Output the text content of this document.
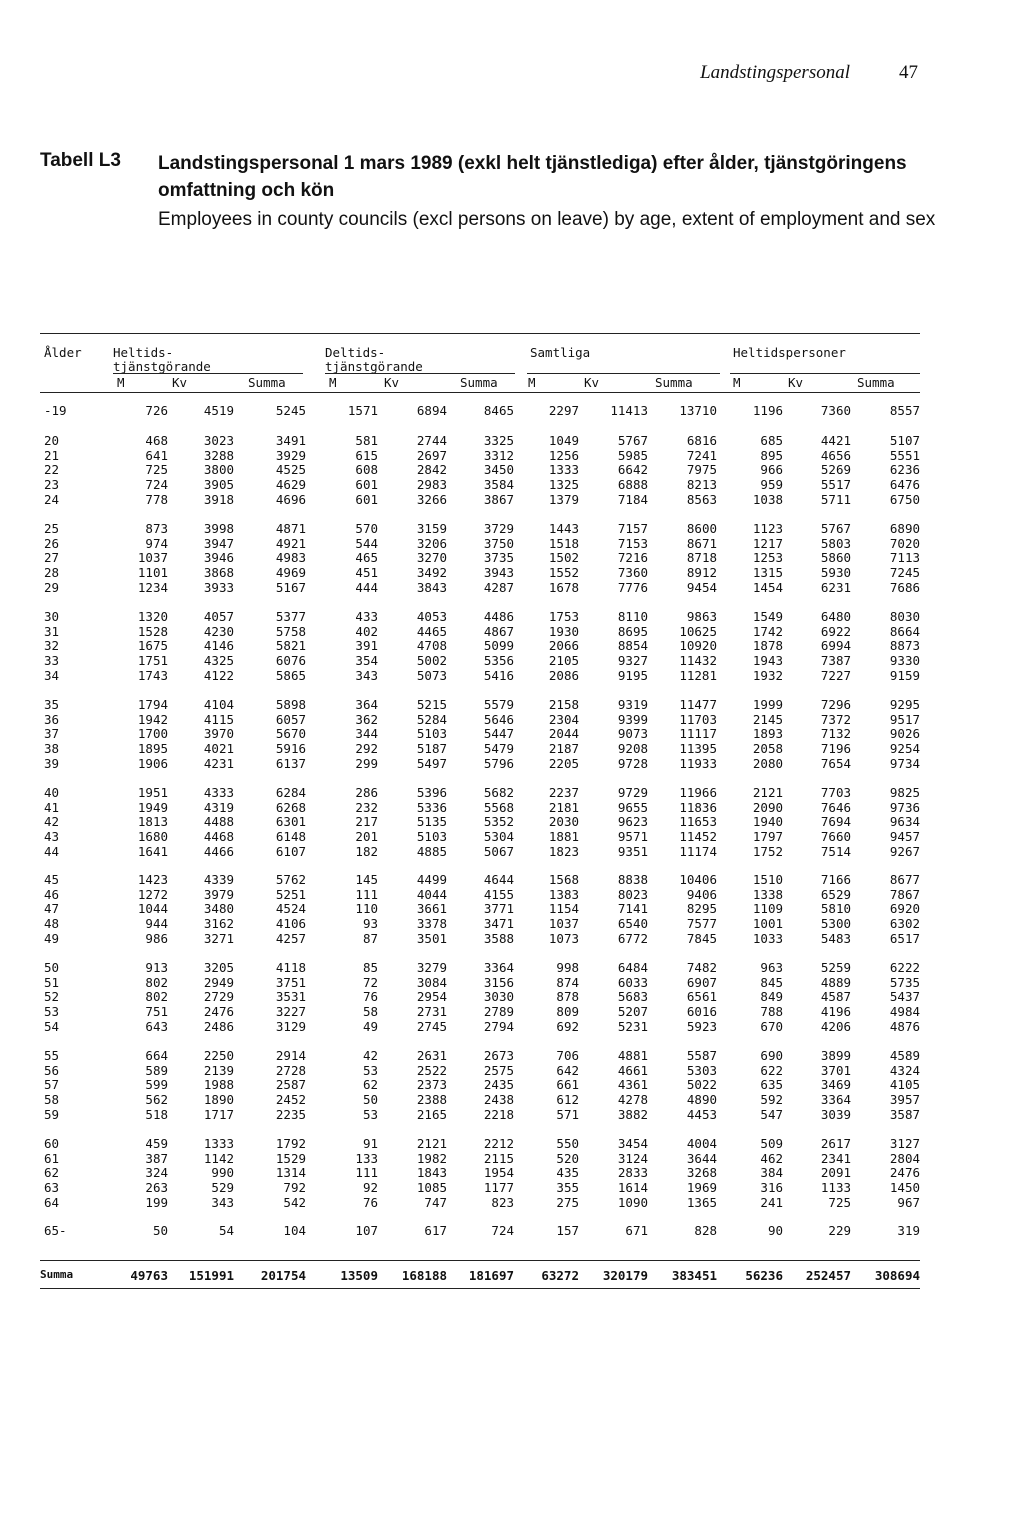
Landstingspersonal	47
Tabell L3 Landstingspersonal 1 mars 1989 (exkl helt tjänstlediga) efter ålder, tjänstgöringens omfattning och kön
Employees in county councils (excl persons on leave) by age, extent of employment and sex
Ålder	Heltids-
tjänstgörande
Deltids-
tjänstgörande
Samtliga	Heltidspersoner
M	Kv	Summa	M	Kv	Summa M	Kv	Summa	M	Kv	Summa
-19	726	4519	5245	1571	6894	8465	2297	11413	13710	1196	7360	8557
20	468	3023	3491	581	2744	3325	1049	5767	6816	685	4421	5107
21	641	3288	3929	615	2697	3312	1256	5985	7241	895	4656	5551
22	725	3800	4525	608	2842	3450	1333	6642	7975	966	5269	6236
23	724	3905	4629	601	2983	3584	1325	6888	8213	959	5517	6476
24	778	3918	4696	601	3266	3867	1379	7184	8563	1038	5711	6750
25	873	3998	4871	570	3159	3729	1443	7157	8600	1123	5767	6890
26	974	3947	4921	544	3206	3750	1518	7153	8671	1217	5803	7020
27	1037	3946	4983	465	3270	3735	1502	7216	8718	1253	5860	7113
28	1101	3868	4969	451	3492	3943	1552	7360	8912	1315	5930	7245
29	1234	3933	5167	444	3843	4287	1678	7776	9454	1454	6231	7686
30	1320	4057	5377	433	4053	4486	1753	8110	9863	1549	6480	8030
31	1528	4230	5758	402	4465	4867	1930	8695	10625	1742	6922	8664
32	1675	4146	5821	391	4708	5099	2066	8854	10920	1878	6994	8873
33	1751	4325	6076	354	5002	5356	2105	9327	11432	1943	7387	9330
34	1743	4122	5865	343	5073	5416	2086	9195	11281	1932	7227	9159
35	1794	4104	5898	364	5215	5579	2158	9319	11477	1999	7296	9295
36	1942	4115	6057	362	5284	5646	2304	9399	11703	2145	7372	9517
37	1700	3970	5670	344	5103	5447	2044	9073	11117	1893	7132	9026
38	1895	4021	5916	292	5187	5479	2187	9208	11395	2058	7196	9254
39	1906	4231	6137	299	5497	5796	2205	9728	11933	2080	7654	9734
40	1951	4333	6284	286	5396	5682	2237	9729	11966	2121	7703	9825
41	1949	4319	6268	232	5336	5568	2181	9655	11836	2090	7646	9736
42	1813	4488	6301	217	5135	5352	2030	9623	11653	1940	7694	9634
43	1680	4468	6148	201	5103	5304	1881	9571	11452	1797	7660	9457
44	1641	4466	6107	182	4885	5067	1823	9351	11174	1752	7514	9267
45	1423	4339	5762	145	4499	4644	1568	8838	10406	1510	7166	8677
46	1272	3979	5251	111	4044	4155	1383	8023	9406	1338	6529	7867
47	1044	3480	4524	110	3661	3771	1154	7141	8295	1109	5810	6920
48	944	3162	4106	93	3378	3471	1037	6540	7577	1001	5300	6302
49	986	3271	4257	87	3501	3588	1073	6772	7845	1033	5483	6517
50	913	3205	4118	85	3279	3364	998	6484	7482	963	5259	6222
51	802	2949	3751	72	3084	3156	874	6033	6907	845	4889	5735
52	802	2729	3531	76	2954	3030	878	5683	6561	849	4587	5437
53	751	2476	3227	58	2731	2789	809	5207	6016	788	4196	4984
54	643	2486	3129	49	2745	2794	692	5231	5923	670	4206	4876
55	664	2250	2914	42	2631	2673	706	4881	5587	690	3899	4589
56	589	2139	2728	53	2522	2575	642	4661	5303	622	3701	4324
57	599	1988	2587	62	2373	2435	661	4361	5022	635	3469	4105
58	562	1890	2452	50	2388	2438	612	4278	4890	592	3364	3957
59	518	1717	2235	53	2165	2218	571	3882	4453	547	3039	3587
60	459	1333	1792	91	2121	2212	550	3454	4004	509	2617	3127
61	387	1142	1529	133	1982	2115	520	3124	3644	462	2341	2804
62	324	990	1314	111	1843	1954	435	2833	3268	384	2091	2476
63	263	529	792	92	1085	1177	355	1614	1969	316	1133	1450
64	199	343	542	76	747	823	275	1090	1365	241	725	967
65-	50	54	104	107	617	724	157	671	828	90	229	319
Summa	49763 151991 201754	13509 168188 181697 63272 320179 383451 56236 252457 308694
